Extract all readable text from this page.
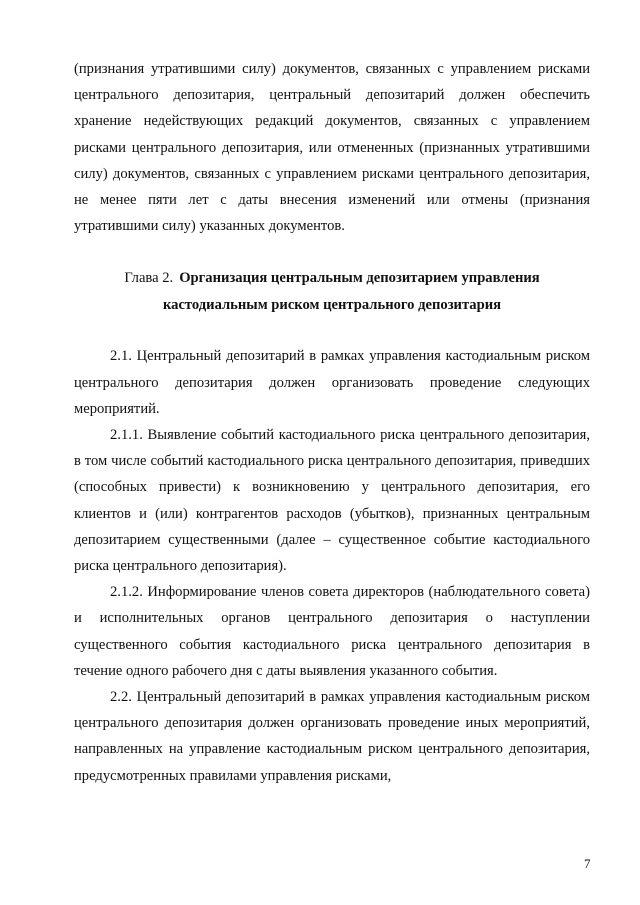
(признания утратившими силу) документов, связанных с управлением рисками центрального депозитария, центральный депозитарий должен обеспечить хранение недействующих редакций документов, связанных с управлением рисками центрального депозитария, или отмененных (признанных утратившими силу) документов, связанных с управлением рисками центрального депозитария, не менее пяти лет с даты внесения изменений или отмены (признания утратившими силу) указанных документов.

Глава 2. Организация центральным депозитарием управления кастодиальным риском центрального депозитария

2.1. Центральный депозитарий в рамках управления кастодиальным риском центрального депозитария должен организовать проведение следующих мероприятий.

2.1.1. Выявление событий кастодиального риска центрального депозитария, в том числе событий кастодиального риска центрального депозитария, приведших (способных привести) к возникновению у центрального депозитария, его клиентов и (или) контрагентов расходов (убытков), признанных центральным депозитарием существенными (далее – существенное событие кастодиального риска центрального депозитария).

2.1.2. Информирование членов совета директоров (наблюдательного совета) и исполнительных органов центрального депозитария о наступлении существенного события кастодиального риска центрального депозитария в течение одного рабочего дня с даты выявления указанного события.

2.2. Центральный депозитарий в рамках управления кастодиальным риском центрального депозитария должен организовать проведение иных мероприятий, направленных на управление кастодиальным риском центрального депозитария, предусмотренных правилами управления рисками,

7
